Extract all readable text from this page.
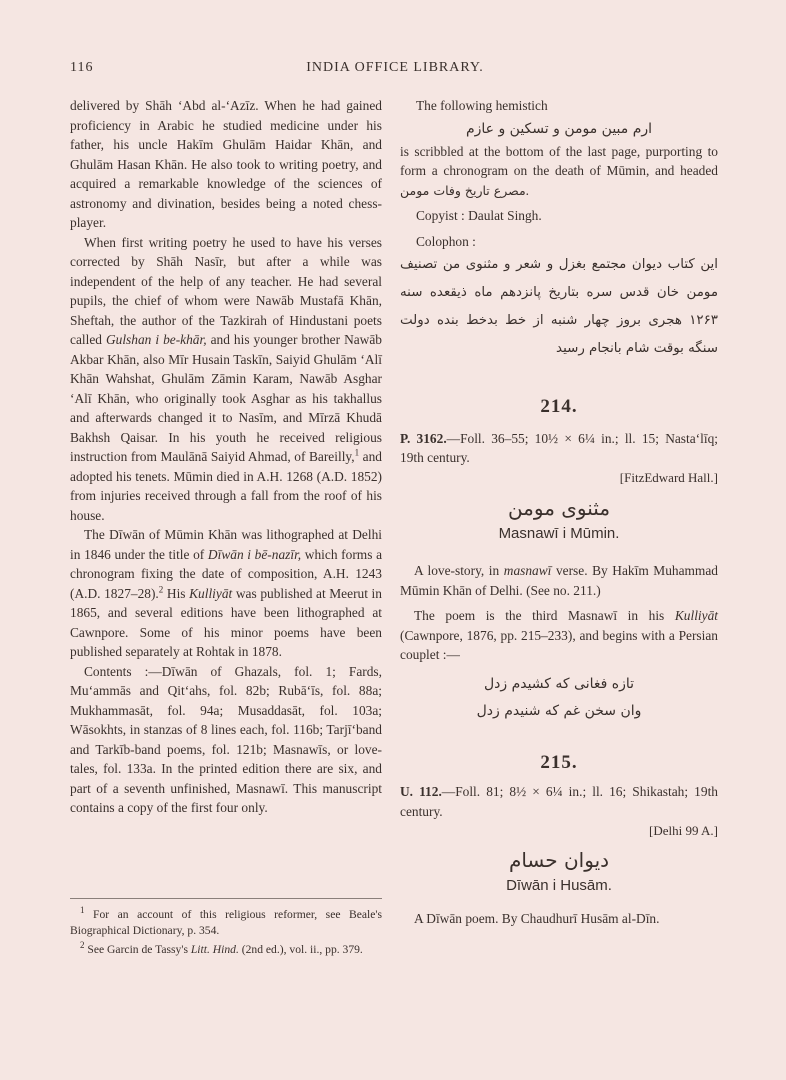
116	INDIA OFFICE LIBRARY.

delivered by Shāh ʻAbd al-ʻAzīz. When he had gained proficiency in Arabic he studied medicine under his father, his uncle Hakīm Ghulām Haidar Khān, and Ghulām Hasan Khān. He also took to writing poetry, and acquired a remarkable knowledge of the sciences of astronomy and divination, besides being a noted chess-player.

When first writing poetry he used to have his verses corrected by Shāh Nasīr, but after a while was independent of the help of any teacher. He had several pupils, the chief of whom were Nawāb Mustafā Khān, Sheftah, the author of the Tazkirah of Hindustani poets called Gulshan i be-khār, and his younger brother Nawāb Akbar Khān, also Mīr Husain Taskīn, Saiyid Ghulām ʻAlī Khān Wahshat, Ghulām Zāmin Karam, Nawāb Asghar ʻAlī Khān, who originally took Asghar as his takhallus and afterwards changed it to Nasīm, and Mīrzā Khudā Bakhsh Qaisar. In his youth he received religious instruction from Maulānā Saiyid Ahmad, of Bareilly,$^1$ and adopted his tenets. Mūmin died in A.H. 1268 (A.D. 1852) from injuries received through a fall from the roof of his house.

The Dīwān of Mūmin Khān was lithographed at Delhi in 1846 under the title of Dīwān i bē-nazīr, which forms a chronogram fixing the date of composition, A.H. 1243 (A.D. 1827–28).$^2$ His Kulliyāt was published at Meerut in 1865, and several editions have been lithographed at Cawnpore. Some of his minor poems have been published separately at Rohtak in 1878.

Contents :—Dīwān of Ghazals, fol. 1; Fards, Muʻammās and Qitʻahs, fol. 82b; Rubāʻīs, fol. 88a; Mukhammasāt, fol. 94a; Musaddasāt, fol. 103a; Wāsokhts, in stanzas of 8 lines each, fol. 116b; Tarjīʻband and Tarkīb-band poems, fol. 121b; Masnawīs, or love-tales, fol. 133a. In the printed edition there are six, and part of a seventh unfinished, Masnawī. This manuscript contains a copy of the first four only.

$^1$ For an account of this religious reformer, see Beale's Biographical Dictionary, p. 354.

$^2$ See Garcin de Tassy's Litt. Hind. (2nd ed.), vol. ii., pp. 379.

The following hemistich

ارم مبین مومن و تسکین و عازم

is scribbled at the bottom of the last page, purporting to form a chronogram on the death of Mūmin, and headed مصرع تاریخ وفات مومن.

Copyist : Daulat Singh.

Colophon :

این کتاب دیوان مجتمع بغزل و شعر و مثنوی من تصنیف مومن خان قدس سره بتاریخ پانزدهم ماه ذیقعده سنه ۱۲۶۳ هجری بروز چهار شنبه از خط بدخط بنده دولت سنگه بوقت شام بانجام رسید

214.

P. 3162.—Foll. 36–55; 10½ × 6¼ in.; ll. 15; Nastaʻlīq; 19th century.

[FitzEdward Hall.]

مثنوی مومن

Masnawī i Mūmin.

A love-story, in masnawī verse. By Hakīm Muhammad Mūmin Khān of Delhi. (See no. 211.)

The poem is the third Masnawī in his Kulliyāt (Cawnpore, 1876, pp. 215–233), and begins with a Persian couplet :—

تازه فغانی که کشیدم زدل

وان سخن غم که شنیدم زدل

215.

U. 112.—Foll. 81; 8½ × 6¼ in.; ll. 16; Shikastah; 19th century.

[Delhi 99 A.]

دیوان حسام

Dīwān i Husām.

A Dīwān poem. By Chaudhurī Husām al-Dīn.
